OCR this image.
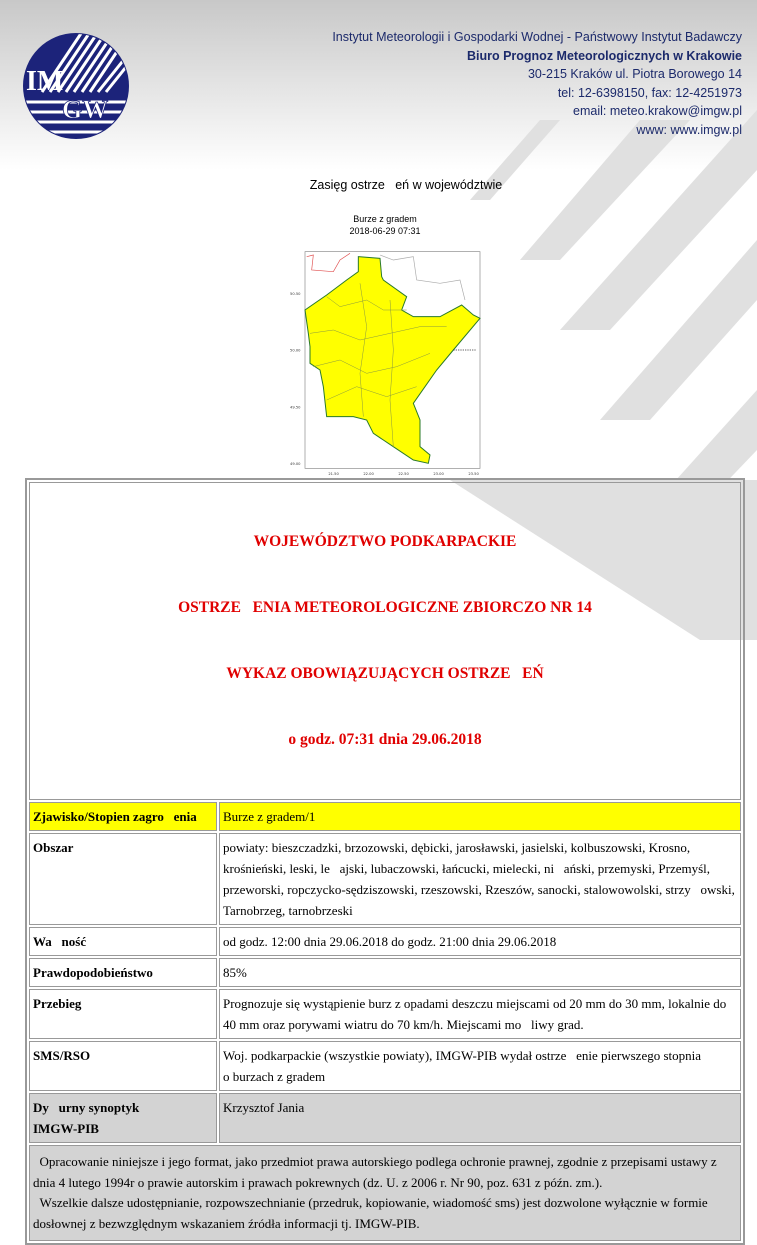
IM
GW
Instytut Meteorologii i Gospodarki Wodnej - Państwowy Instytut Badawczy
Biuro Prognoz Meteorologicznych w Krakowie
30-215 Kraków ul. Piotra Borowego 14
tel: 12-6398150, fax: 12-4251973
email: meteo.krakow@imgw.pl
www: www.imgw.pl
Zasięg ostrze   eń w województwie
Burze z gradem
2018-06-29 07:31
21.50 22.00 22.50 23.00 23.50
50.50
50.00
49.50
49.00

WOJEWÓDZTWO PODKARPACKIE

OSTRZE   ENIA METEOROLOGICZNE ZBIORCZO NR 14

WYKAZ OBOWIĄZUJĄCYCH OSTRZE   EŃ

o godz. 07:31 dnia 29.06.2018	

Zjawisko/Stopien zagro   enia	Burze z gradem/1
Obszar	powiaty: bieszczadzki, brzozowski, dębicki, jarosławski, jasielski, kolbuszowski, Krosno, krośnieński, leski, le   ajski, lubaczowski, łańcucki, mielecki, ni   ański, przemyski, Przemyśl, przeworski, ropczycko-sędziszowski, rzeszowski, Rzeszów, sanocki, stalowowolski, strzy   owski, Tarnobrzeg, tarnobrzeski
Wa   ność	od godz. 12:00 dnia 29.06.2018 do godz. 21:00 dnia 29.06.2018
Prawdopodobieństwo	85%
Przebieg	Prognozuje się wystąpienie burz z opadami deszczu miejscami od 20 mm do 30 mm, lokalnie do 40 mm oraz porywami wiatru do 70 km/h. Miejscami mo   liwy grad.
SMS/RSO	Woj. podkarpackie (wszystkie powiaty), IMGW-PIB wydał ostrze   enie pierwszego stopnia
o burzach z gradem
Dy   urny synoptyk
IMGW-PIB	Krzysztof Jania
Opracowanie niniejsze i jego format, jako przedmiot prawa autorskiego podlega ochronie prawnej, zgodnie z przepisami ustawy z dnia 4 lutego 1994r o prawie autorskim i prawach pokrewnych (dz. U. z 2006 r. Nr 90, poz. 631 z późn. zm.).
Wszelkie dalsze udostępnianie, rozpowszechnianie (przedruk, kopiowanie, wiadomość sms) jest dozwolone wyłącznie w formie dosłownej z bezwzględnym wskazaniem źródła informacji tj. IMGW-PIB.	
